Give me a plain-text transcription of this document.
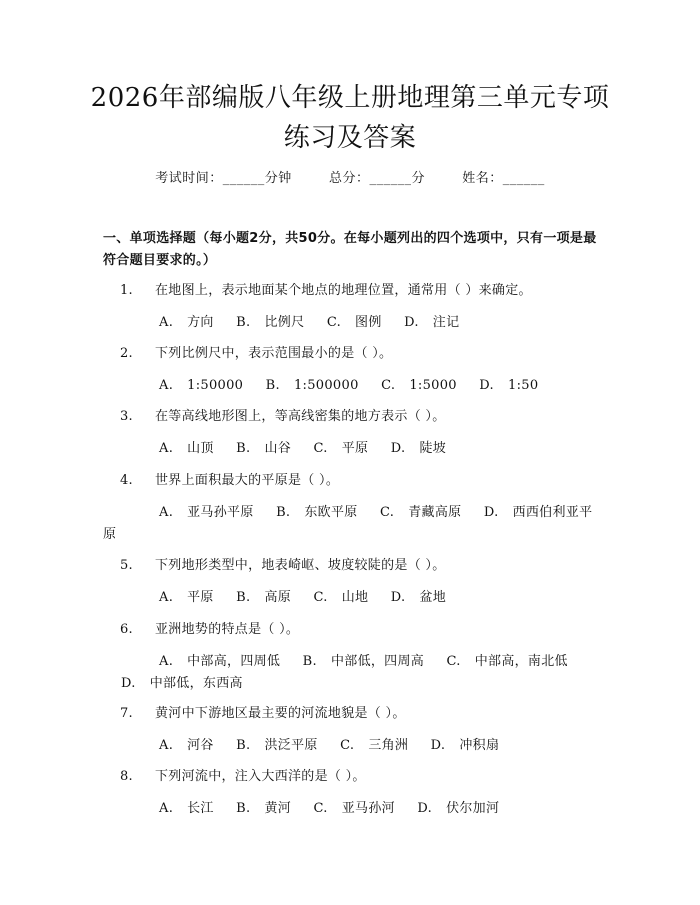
2026年部编版八年级上册地理第三单元专项
练习及答案
考试时间：______分钟	总分：______分	姓名：______
一、单项选择题（每小题2分，共50分。在每小题列出的四个选项中，只有一项是最符合题目要求的。）
1. 在地图上，表示地面某个地点的地理位置，通常用（ ）来确定。
A. 方向 B. 比例尺 C. 图例 D. 注记
2. 下列比例尺中，表示范围最小的是（ ）。
A. 1:50000 B. 1:500000 C. 1:5000 D. 1:50
3. 在等高线地形图上，等高线密集的地方表示（ ）。
A. 山顶 B. 山谷 C. 平原 D. 陡坡
4. 世界上面积最大的平原是（ ）。
A. 亚马孙平原 B. 东欧平原 C. 青藏高原 D. 西西伯利亚平原
5. 下列地形类型中，地表崎岖、坡度较陡的是（ ）。
A. 平原 B. 高原 C. 山地 D. 盆地
6. 亚洲地势的特点是（ ）。
A. 中部高，四周低 B. 中部低，四周高 C. 中部高，南北低 D. 中部低，东西高
7. 黄河中下游地区最主要的河流地貌是（ ）。
A. 河谷 B. 洪泛平原 C. 三角洲 D. 冲积扇
8. 下列河流中，注入大西洋的是（ ）。
A. 长江 B. 黄河 C. 亚马孙河 D. 伏尔加河
